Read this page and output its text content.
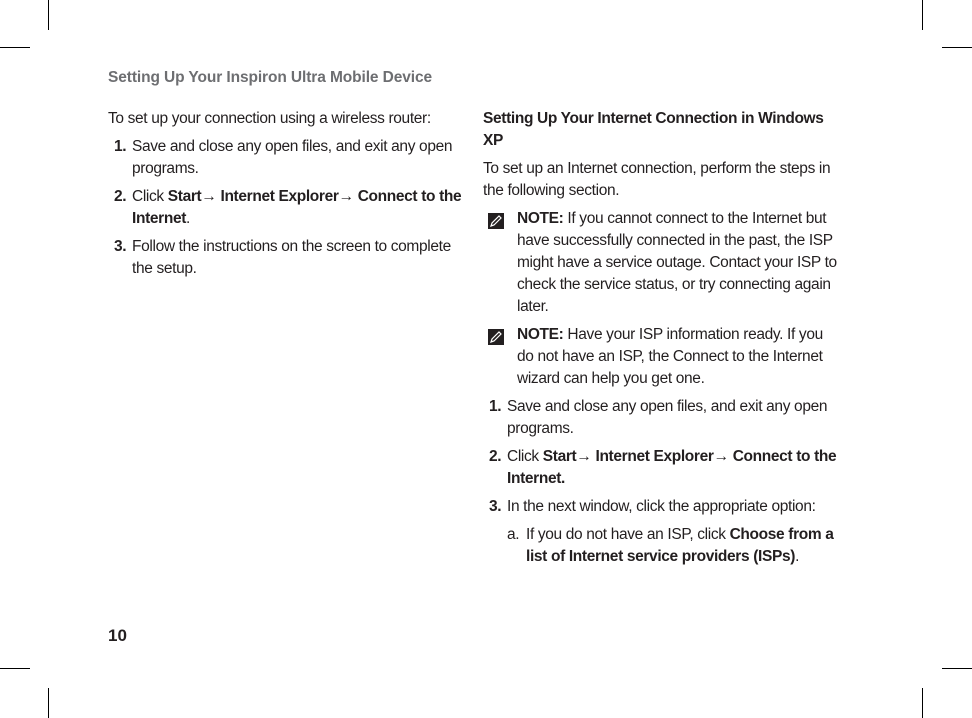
Setting Up Your Inspiron Ultra Mobile Device

To set up your connection using a wireless router:

1. Save and close any open files, and exit any open programs.
2. Click Start→ Internet Explorer→ Connect to the Internet.
3. Follow the instructions on the screen to complete the setup.
Setting Up Your Internet Connection in Windows XP

To set up an Internet connection, perform the steps in the following section.

NOTE: If you cannot connect to the Internet but have successfully connected in the past, the ISP might have a service outage. Contact your ISP to check the service status, or try connecting again later.
NOTE: Have your ISP information ready. If you do not have an ISP, the Connect to the Internet wizard can help you get one.
1. Save and close any open files, and exit any open programs.
2. Click Start→ Internet Explorer→ Connect to the Internet.
3. In the next window, click the appropriate option:
a. If you do not have an ISP, click Choose from a list of Internet service providers (ISPs).
10
